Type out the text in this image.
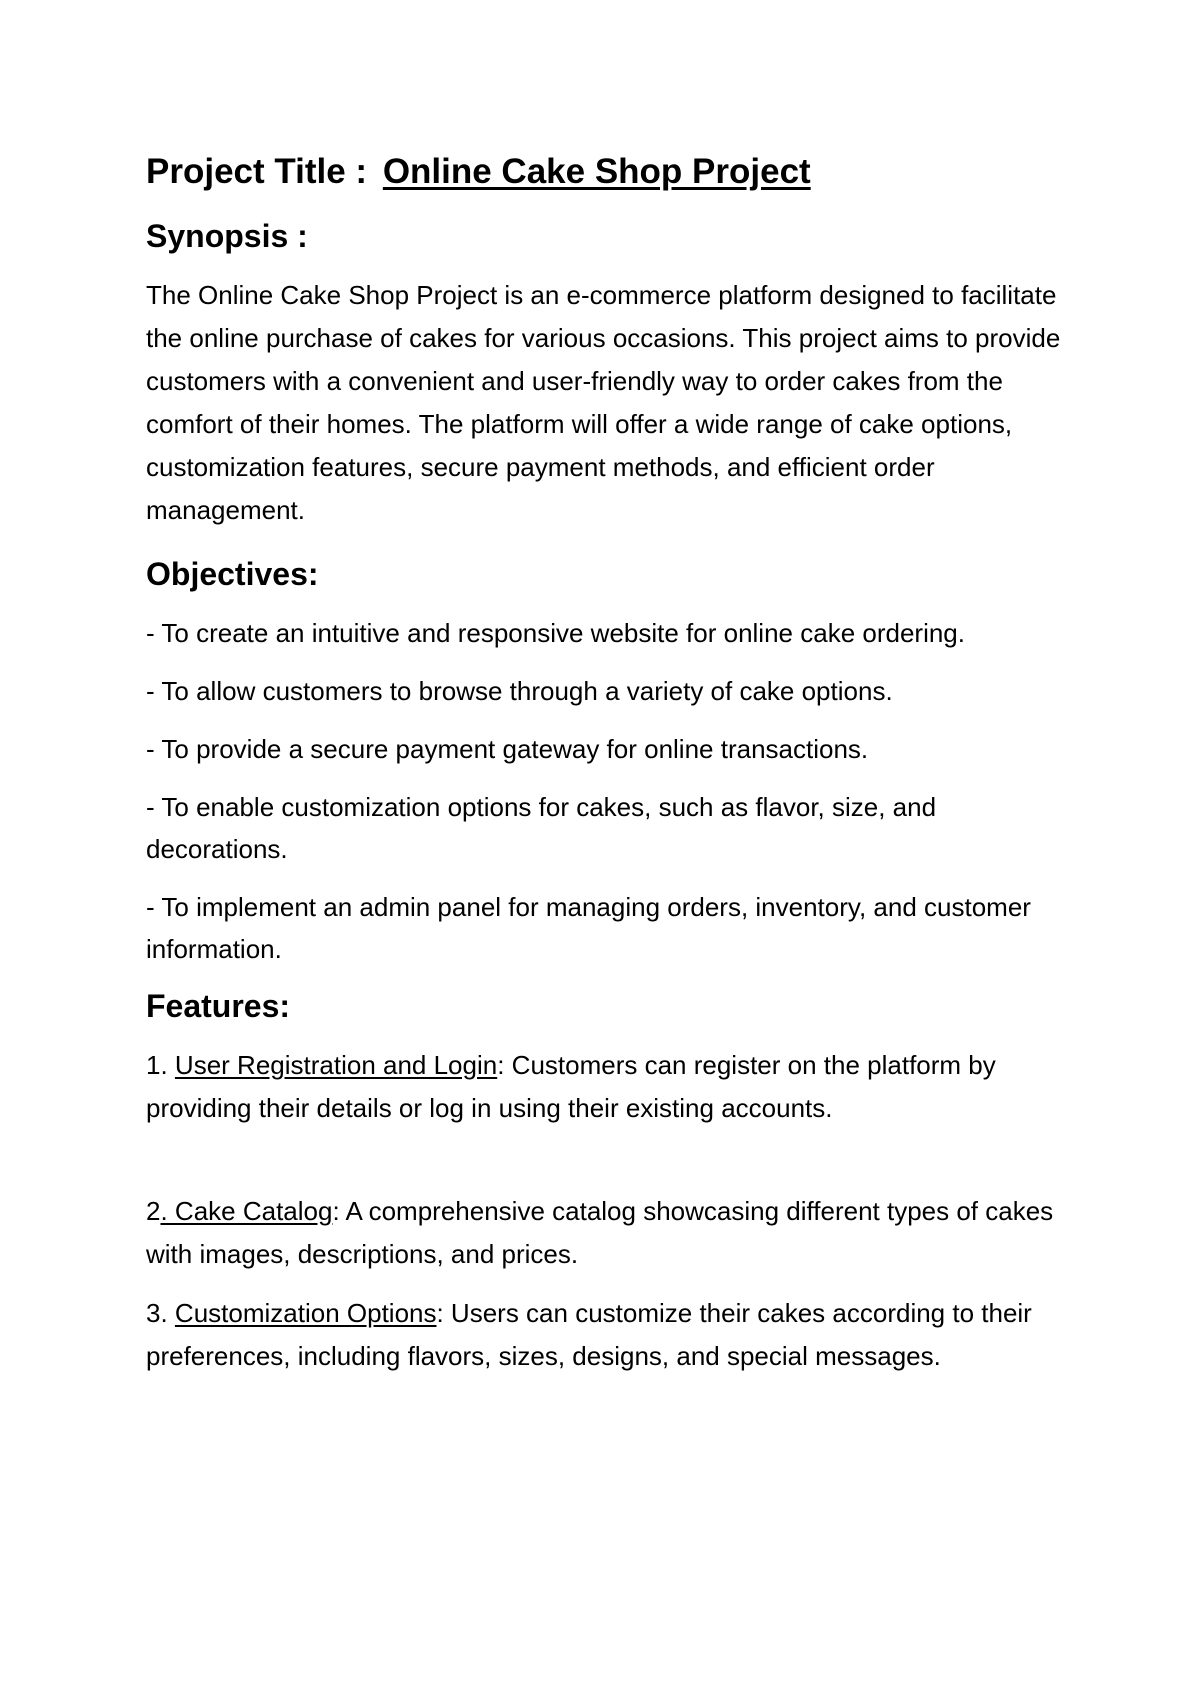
Project Title : Online Cake Shop Project
Synopsis :

The Online Cake Shop Project is an e-commerce platform designed to facilitate the online purchase of cakes for various occasions. This project aims to provide customers with a convenient and user-friendly way to order cakes from the comfort of their homes. The platform will offer a wide range of cake options, customization features, secure payment methods, and efficient order management.

Objectives:

- To create an intuitive and responsive website for online cake ordering.

- To allow customers to browse through a variety of cake options.

- To provide a secure payment gateway for online transactions.

- To enable customization options for cakes, such as flavor, size, and decorations.

- To implement an admin panel for managing orders, inventory, and customer information.

Features:

1. User Registration and Login: Customers can register on the platform by providing their details or log in using their existing accounts.

2. Cake Catalog: A comprehensive catalog showcasing different types of cakes with images, descriptions, and prices.

3. Customization Options: Users can customize their cakes according to their preferences, including flavors, sizes, designs, and special messages.
